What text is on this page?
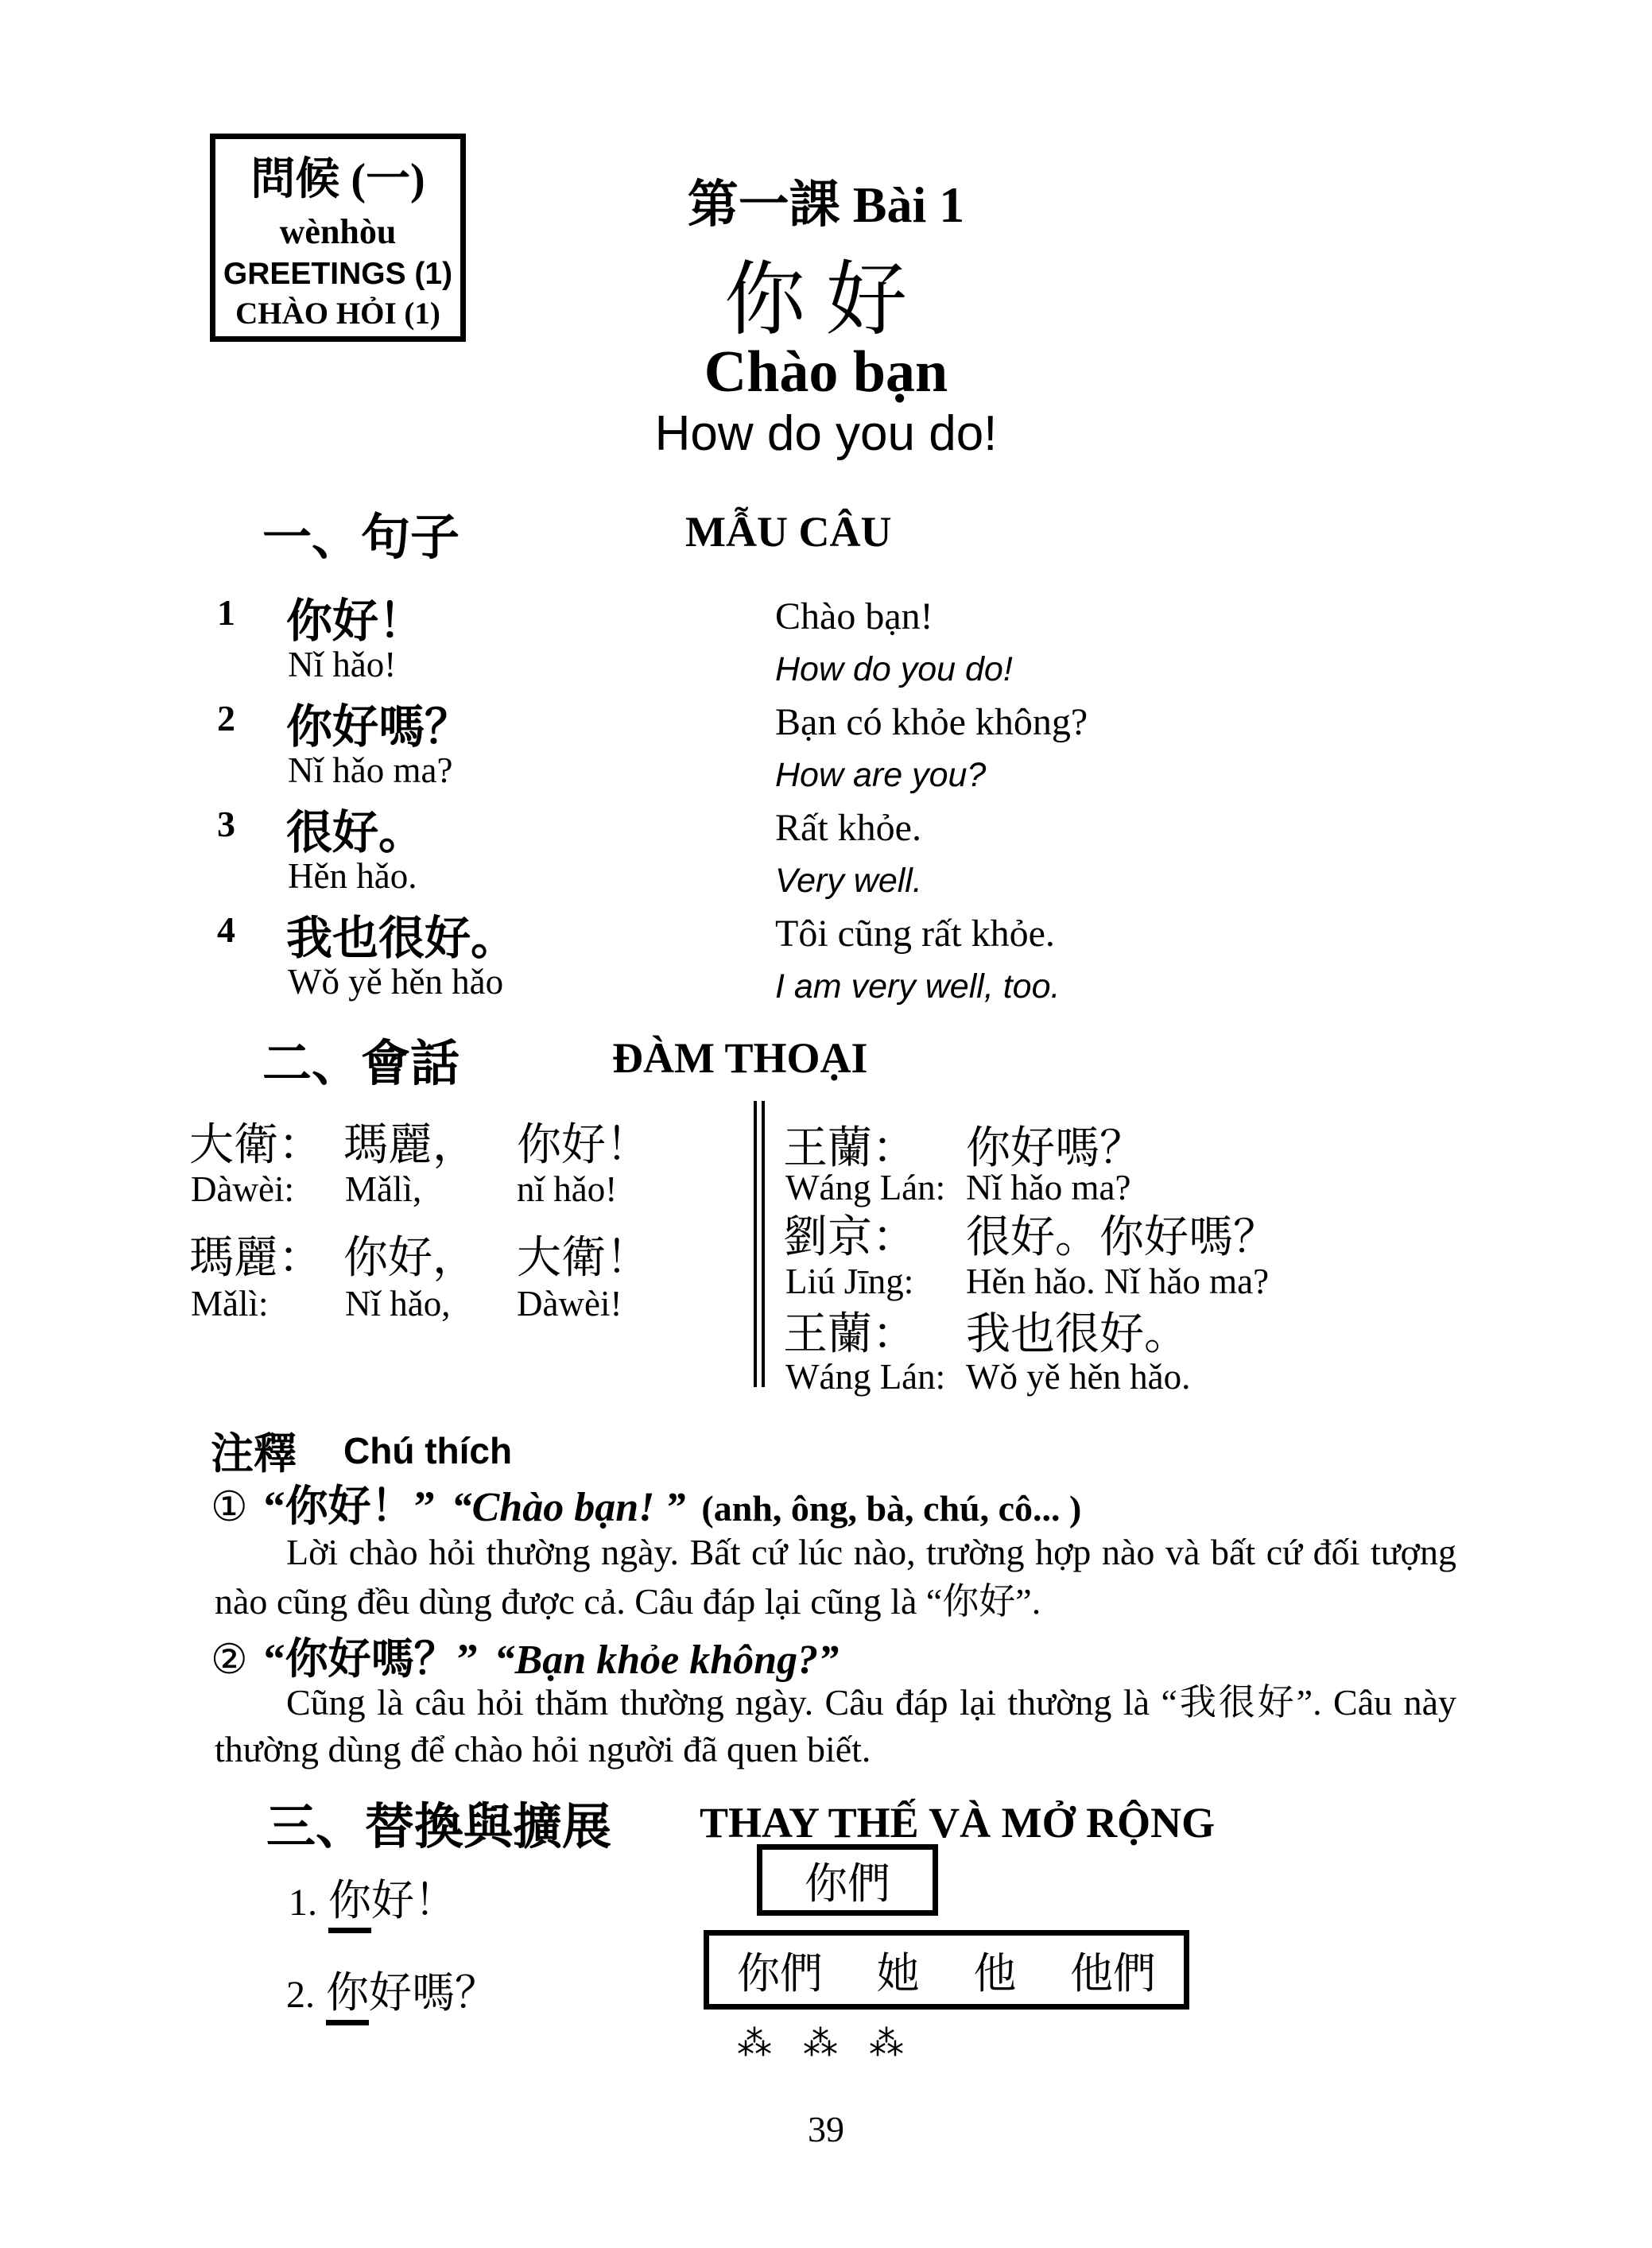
問候 (一)
wènhòu
GREETINGS (1)
CHÀO HỎI (1)
第一課 Bài 1
你好
Chào bạn
How do you do!
一、句子	MẪU CÂU
1 你好！
Nǐ hǎo!
Chào bạn!
How do you do!
2 你好嗎？
Nǐ hǎo ma?
Bạn có khỏe không?
How are you?
3 很好。
Hěn hǎo.
Rất khỏe.
Very well.
4 我也很好。
Wǒ yě hěn hǎo
Tôi cũng rất khỏe.
I am very well, too.
二、會話	ĐÀM THOẠI
大衛： 瑪麗， 你好！
Dàwèi: Mǎlì,	nǐ hǎo!
瑪麗： 你好， 大衛！
Mǎlì: Nǐ hǎo, Dàwèi!
王蘭： 你好嗎？
Wáng Lán: Nǐ hǎo ma?
劉京： 很好。你好嗎？
Liú Jīng: Hěn hǎo. Nǐ hǎo ma?
王蘭： 我也很好。
Wáng Lán: Wǒ yě hěn hǎo.
注釋 Chú thích
① “你好！” “Chào bạn! ” (anh, ông, bà, chú, cô... )
Lời chào hỏi thường ngày. Bất cứ lúc nào, trường hợp nào và bất cứ đối tượng nào cũng đều dùng được cả. Câu đáp lại cũng là “你好”.
② “你好嗎？” “Bạn khỏe không?”
Cũng là câu hỏi thăm thường ngày. Câu đáp lại thường là “我很好”. Câu này thường dùng để chào hỏi người đã quen biết.
三、替換與擴展 THAY THẾ VÀ MỞ RỘNG
1. 你好！	你們
2. 你好嗎？	你們 她 他 他們
⁂ ⁂ ⁂
39
